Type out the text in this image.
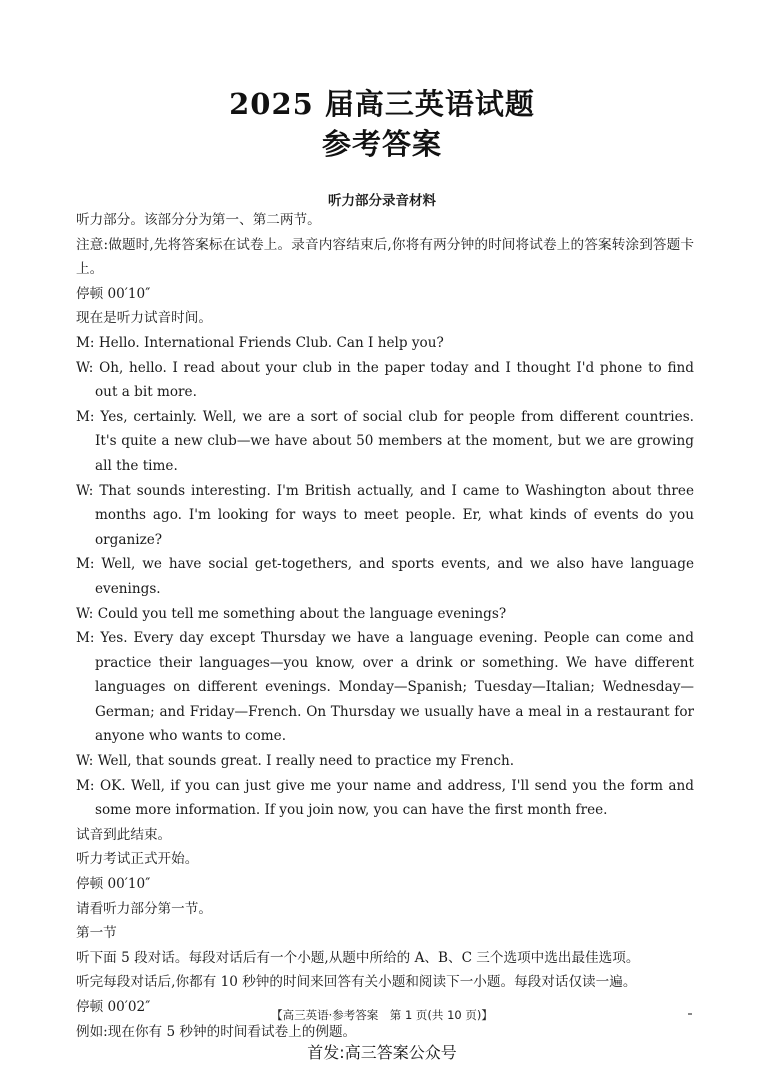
2025 届高三英语试题
参考答案
听力部分录音材料
听力部分。该部分分为第一、第二两节。
注意:做题时,先将答案标在试卷上。录音内容结束后,你将有两分钟的时间将试卷上的答案转涂到答题卡上。
停顿 00′10″
现在是听力试音时间。
M: Hello. International Friends Club. Can I help you?
W: Oh, hello. I read about your club in the paper today and I thought I'd phone to find out a bit more.
M: Yes, certainly. Well, we are a sort of social club for people from different countries. It's quite a new club—we have about 50 members at the moment, but we are growing all the time.
W: That sounds interesting. I'm British actually, and I came to Washington about three months ago. I'm looking for ways to meet people. Er, what kinds of events do you organize?
M: Well, we have social get-togethers, and sports events, and we also have language evenings.
W: Could you tell me something about the language evenings?
M: Yes. Every day except Thursday we have a language evening. People can come and practice their languages—you know, over a drink or something. We have different languages on different evenings. Monday—Spanish; Tuesday—Italian; Wednesday—German; and Friday—French. On Thursday we usually have a meal in a restaurant for anyone who wants to come.
W: Well, that sounds great. I really need to practice my French.
M: OK. Well, if you can just give me your name and address, I'll send you the form and some more information. If you join now, you can have the first month free.
试音到此结束。
听力考试正式开始。
停顿 00′10″
请看听力部分第一节。
第一节
听下面 5 段对话。每段对话后有一个小题,从题中所给的 A、B、C 三个选项中选出最佳选项。
听完每段对话后,你都有 10 秒钟的时间来回答有关小题和阅读下一小题。每段对话仅读一遍。
停顿 00′02″
例如:现在你有 5 秒钟的时间看试卷上的例题。
【高三英语·参考答案　第 1 页(共 10 页)】
首发:高三答案公众号
